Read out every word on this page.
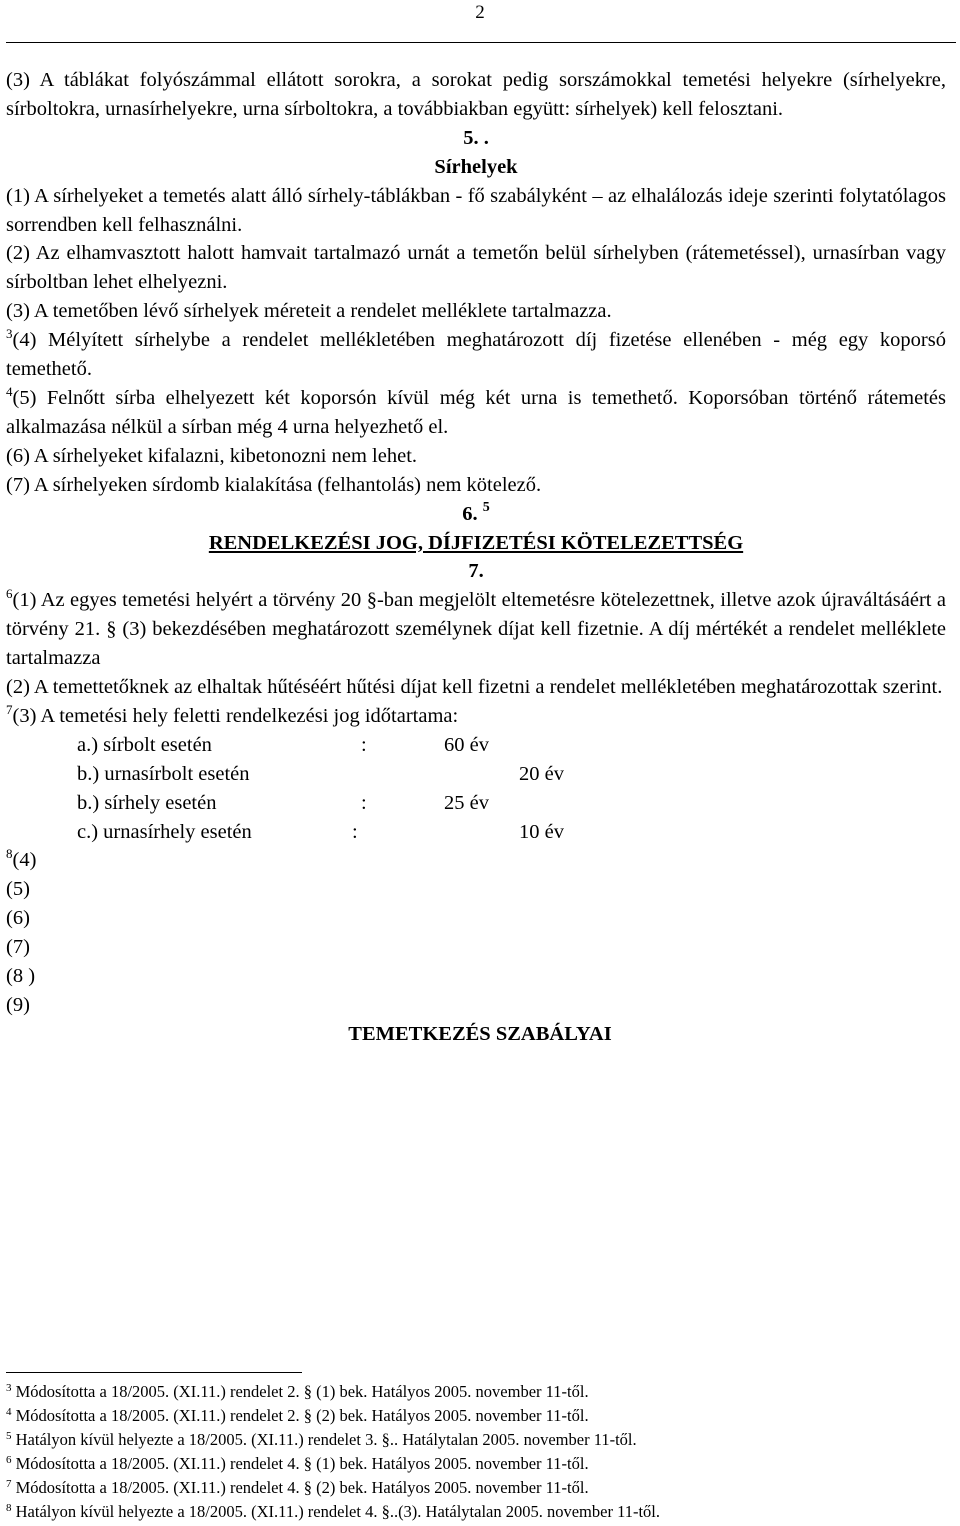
2

(3) A táblákat folyószámmal ellátott sorokra, a sorokat pedig sorszámokkal temetési helyekre (sírhelyekre, sírboltokra, urnasírhelyekre, urna sírboltokra, a továbbiakban együtt: sírhelyek) kell felosztani.

5. .

Sírhelyek

(1) A sírhelyeket a temetés alatt álló sírhely-táblákban - fő szabályként – az elhalálozás ideje szerinti folytatólagos sorrendben kell felhasználni.

(2) Az elhamvasztott halott hamvait tartalmazó urnát a temetőn belül sírhelyben (rátemetéssel), urnasírban vagy sírboltban lehet elhelyezni.

(3) A temetőben lévő sírhelyek méreteit a rendelet melléklete tartalmazza.

$^3$(4) Mélyített sírhelybe a rendelet mellékletében meghatározott díj fizetése ellenében - még egy koporsó temethető.

$^4$(5) Felnőtt sírba elhelyezett két koporsón kívül még két urna is temethető. Koporsóban történő rátemetés alkalmazása nélkül a sírban még 4 urna helyezhető el.

(6) A sírhelyeket kifalazni, kibetonozni nem lehet.

(7) A sírhelyeken sírdomb kialakítása (felhantolás) nem kötelező.

6. $^5$

RENDELKEZÉSI JOG, DÍJFIZETÉSI KÖTELEZETTSÉG

7.

$^6$(1) Az egyes temetési helyért a törvény 20 §-ban megjelölt eltemetésre kötelezettnek, illetve azok újraváltásáért a törvény 21. § (3) bekezdésében meghatározott személynek díjat kell fizetnie. A díj mértékét a rendelet melléklete tartalmazza

(2) A temettetőknek az elhaltak hűtéséért hűtési díjat kell fizetni a rendelet mellékletében meghatározottak szerint.

$^7$(3) A temetési hely feletti rendelkezési jog időtartama:

a.) sírbolt esetén	:	60 év
b.) urnasírbolt esetén	20 év
b.) sírhely esetén	:	25 év
c.) urnasírhely esetén	:	10 év

$^8$(4)

(5)

(6)

(7)

(8 )

(9)

TEMETKEZÉS SZABÁLYAI

$^3$ Módosította a 18/2005. (XI.11.) rendelet 2. § (1) bek. Hatályos 2005. november 11-től.

$^4$ Módosította a 18/2005. (XI.11.) rendelet 2. § (2) bek. Hatályos 2005. november 11-től.

$^5$ Hatályon kívül helyezte a 18/2005. (XI.11.) rendelet 3. §.. Hatálytalan 2005. november 11-től.

$^6$ Módosította a 18/2005. (XI.11.) rendelet 4. § (1) bek. Hatályos 2005. november 11-től.

$^7$ Módosította a 18/2005. (XI.11.) rendelet 4. § (2) bek. Hatályos 2005. november 11-től.

$^8$ Hatályon kívül helyezte a 18/2005. (XI.11.) rendelet 4. §..(3). Hatálytalan 2005. november 11-től.
